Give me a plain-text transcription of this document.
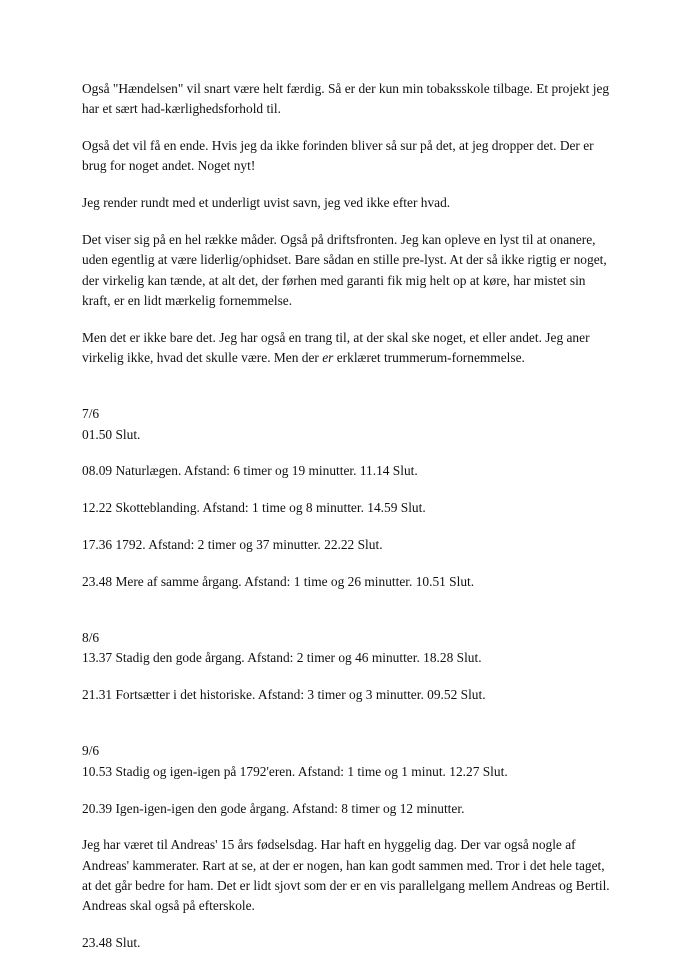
Også "Hændelsen" vil snart være helt færdig. Så er der kun min tobaksskole tilbage. Et projekt jeg har et sært had-kærlighedsforhold til.

Også det vil få en ende. Hvis jeg da ikke forinden bliver så sur på det, at jeg dropper det. Der er brug for noget andet. Noget nyt!

Jeg render rundt med et underligt uvist savn, jeg ved ikke efter hvad.

Det viser sig på en hel række måder. Også på driftsfronten. Jeg kan opleve en lyst til at onanere, uden egentlig at være liderlig/ophidset. Bare sådan en stille pre-lyst. At der så ikke rigtig er noget, der virkelig kan tænde, at alt det, der førhen med garanti fik mig helt op at køre, har mistet sin kraft, er en lidt mærkelig fornemmelse.

Men det er ikke bare det. Jeg har også en trang til, at der skal ske noget, et eller andet. Jeg aner virkelig ikke, hvad det skulle være. Men der er erklæret trummerum-fornemmelse.

7/6

01.50 Slut.

08.09 Naturlægen. Afstand: 6 timer og 19 minutter. 11.14 Slut.

12.22 Skotteblanding. Afstand: 1 time og 8 minutter. 14.59 Slut.

17.36 1792. Afstand: 2 timer og 37 minutter. 22.22 Slut.

23.48 Mere af samme årgang. Afstand: 1 time og 26 minutter. 10.51 Slut.

8/6

13.37 Stadig den gode årgang. Afstand: 2 timer og 46 minutter. 18.28 Slut.

21.31 Fortsætter i det historiske. Afstand: 3 timer og 3 minutter. 09.52 Slut.

9/6

10.53 Stadig og igen-igen på 1792'eren. Afstand: 1 time og 1 minut. 12.27 Slut.

20.39 Igen-igen-igen den gode årgang. Afstand: 8 timer og 12 minutter.

Jeg har været til Andreas' 15 års fødselsdag. Har haft en hyggelig dag. Der var også nogle af Andreas' kammerater. Rart at se, at der er nogen, han kan godt sammen med. Tror i det hele taget, at det går bedre for ham. Det er lidt sjovt som der er en vis parallelgang mellem Andreas og Bertil. Andreas skal også på efterskole.

23.48 Slut.
